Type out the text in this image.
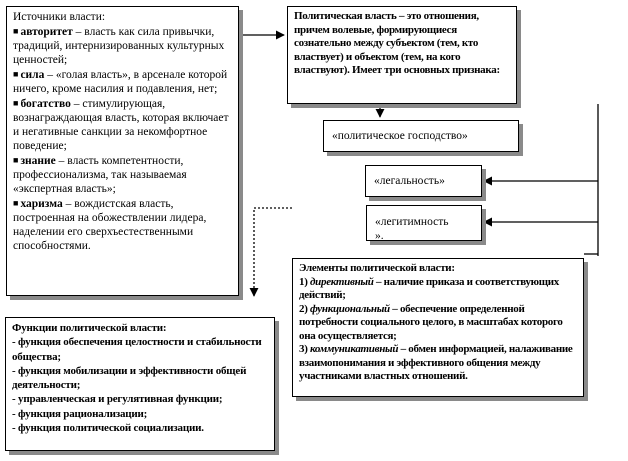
Источники власти:

■ авторитет – власть как сила привычки, традиций, интернизированных культурных ценностей;

■ сила – «голая власть», в арсенале которой ничего, кроме насилия и подавления, нет;

■ богатство – стимулирующая, вознаграждающая власть, которая включает и негативные санкции за некомфортное поведение;

■ знание – власть компетентности, профессионализма, так называемая «экспертная власть»;

■ харизма – вождистская власть, построенная на обожествлении лидера, наделении его сверхъестественными способностями.

Политическая власть – это отношения, причем волевые, формирующиеся сознательно между субъектом (тем, кто властвует) и объектом (тем, на кого властвуют). Имеет три основных признака:

«политическое господство»

«легальность»

«легитимность ».

Элементы политической власти:

1) директивный – наличие приказа и соответствующих действий;

2) функциональный – обеспечение определенной потребности социального целого, в масштабах которого она осуществляется;

3) коммуникативный – обмен информацией, налаживание взаимопонимания и эффективного общения между участниками властных отношений.

Функции политической власти:

- функция обеспечения целостности и стабильности общества;

- функция мобилизации и эффективности общей деятельности;

- управленческая и регулятивная функции;

- функция рационализации;

- функция политической социализации.
